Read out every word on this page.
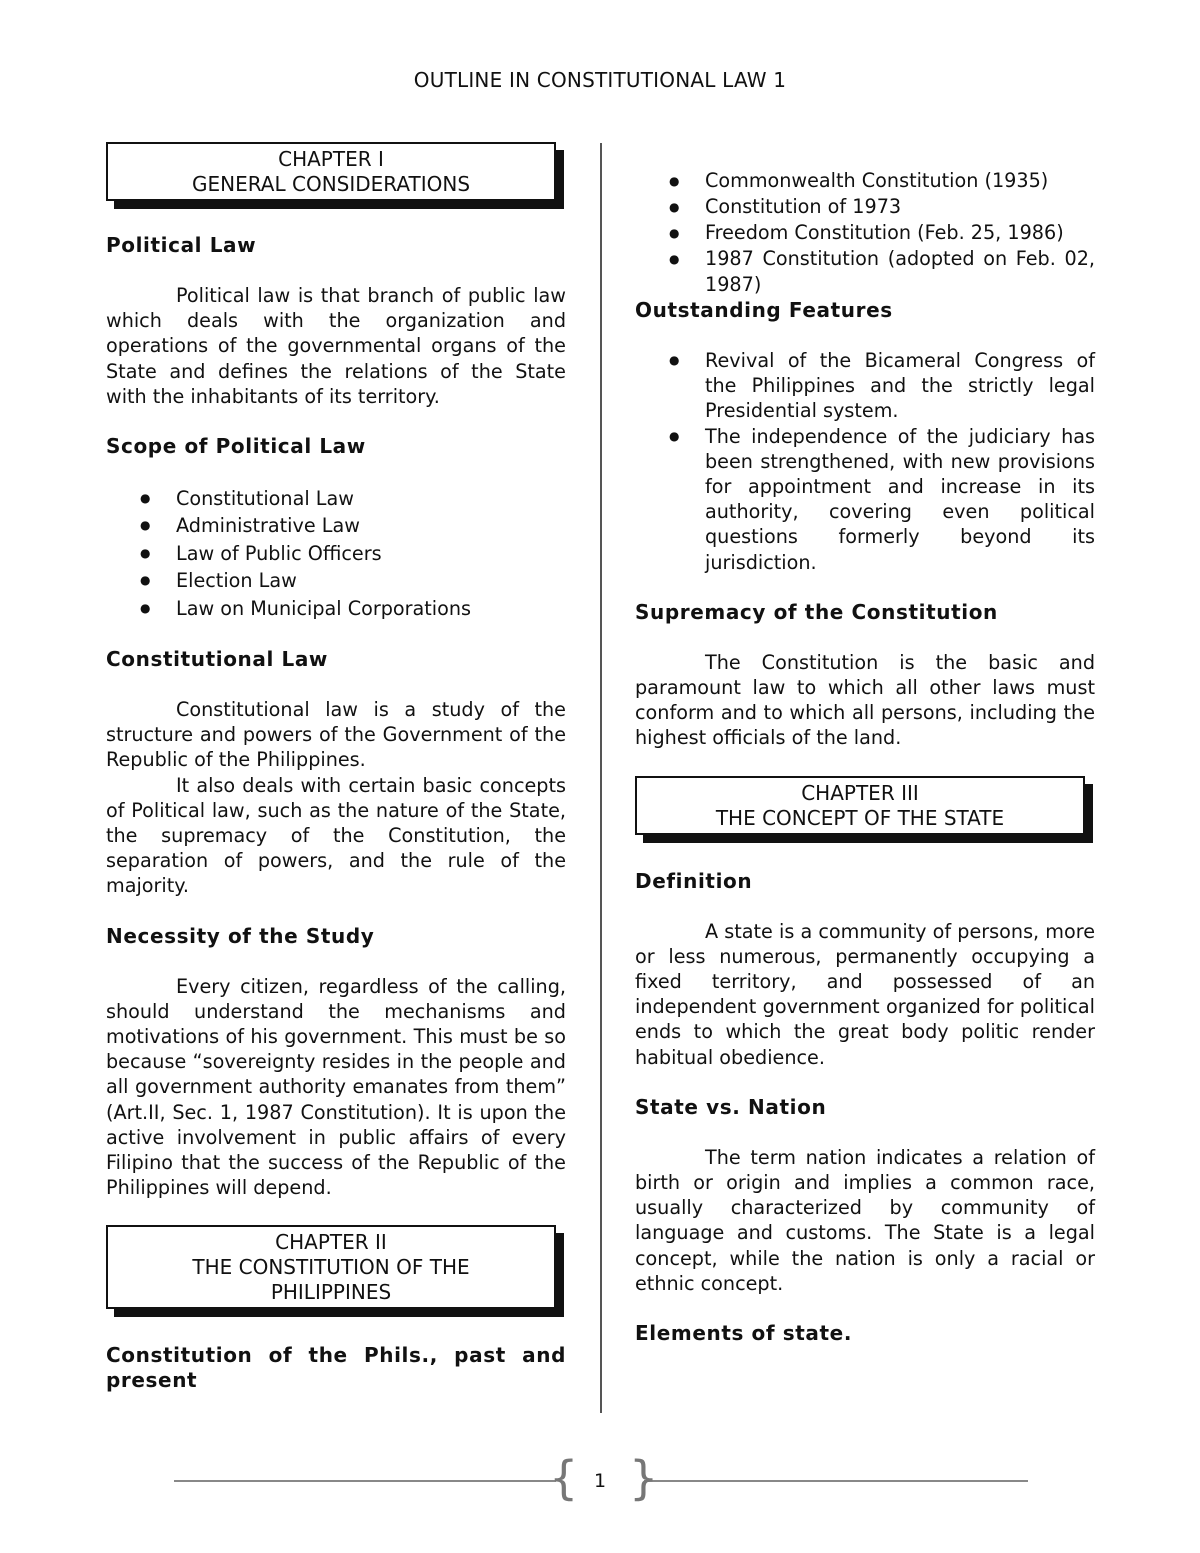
OUTLINE IN CONSTITUTIONAL LAW 1
CHAPTER I
GENERAL CONSIDERATIONS

Political Law

Political law is that branch of public law which deals with the organization and operations of the governmental organs of the State and defines the relations of the State with the inhabitants of its territory.

Scope of Political Law

● Constitutional Law
● Administrative Law
● Law of Public Officers
● Election Law
● Law on Municipal Corporations

Constitutional Law

Constitutional law is a study of the structure and powers of the Government of the Republic of the Philippines.

It also deals with certain basic concepts of Political law, such as the nature of the State, the supremacy of the Constitution, the separation of powers, and the rule of the majority.

Necessity of the Study

Every citizen, regardless of the calling, should understand the mechanisms and motivations of his government. This must be so because “sovereignty resides in the people and all government authority emanates from them” (Art.II, Sec. 1, 1987 Constitution). It is upon the active involvement in public affairs of every Filipino that the success of the Republic of the Philippines will depend.

CHAPTER II
THE CONSTITUTION OF THE
PHILIPPINES

Constitution of the Phils., past and present

● Commonwealth Constitution (1935)
● Constitution of 1973
● Freedom Constitution (Feb. 25, 1986)
● 1987 Constitution (adopted on Feb. 02, 1987)

Outstanding Features

● Revival of the Bicameral Congress of the Philippines and the strictly legal Presidential system.
● The independence of the judiciary has been strengthened, with new provisions for appointment and increase in its authority, covering even political questions formerly beyond its jurisdiction.

Supremacy of the Constitution

The Constitution is the basic and paramount law to which all other laws must conform and to which all persons, including the highest officials of the land.

CHAPTER III
THE CONCEPT OF THE STATE

Definition

A state is a community of persons, more or less numerous, permanently occupying a fixed territory, and possessed of an independent government organized for political ends to which the great body politic render habitual obedience.

State vs. Nation

The term nation indicates a relation of birth or origin and implies a common race, usually characterized by community of language and customs. The State is a legal concept, while the nation is only a racial or ethnic concept.

Elements of state.

{ }
1
